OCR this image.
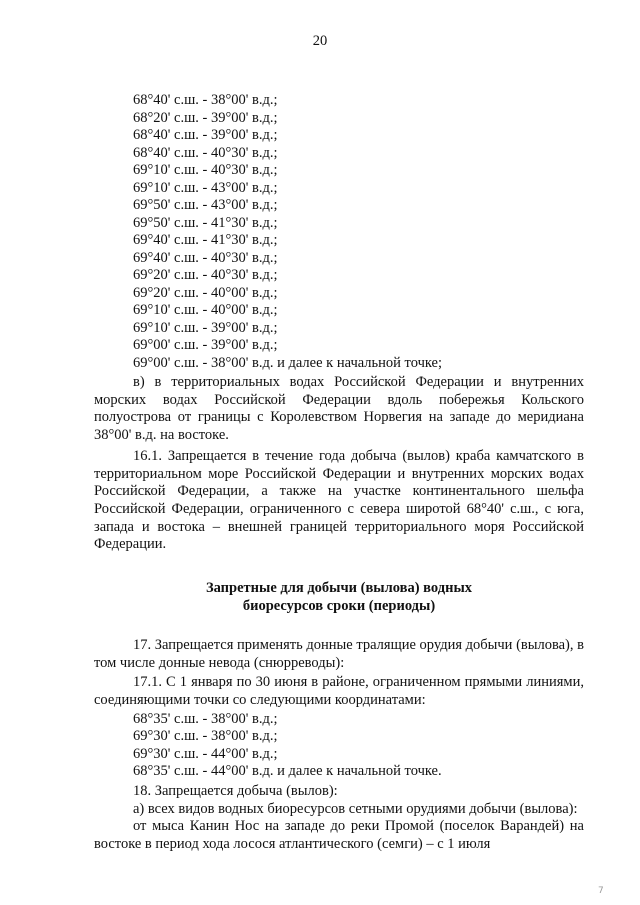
20
68°40' с.ш. - 38°00' в.д.;
68°20' с.ш. - 39°00' в.д.;
68°40' с.ш. - 39°00' в.д.;
68°40' с.ш. - 40°30' в.д.;
69°10' с.ш. - 40°30' в.д.;
69°10' с.ш. - 43°00' в.д.;
69°50' с.ш. - 43°00' в.д.;
69°50' с.ш. - 41°30' в.д.;
69°40' с.ш. - 41°30' в.д.;
69°40' с.ш. - 40°30' в.д.;
69°20' с.ш. - 40°30' в.д.;
69°20' с.ш. - 40°00' в.д.;
69°10' с.ш. - 40°00' в.д.;
69°10' с.ш. - 39°00' в.д.;
69°00' с.ш. - 39°00' в.д.;
69°00' с.ш. - 38°00' в.д. и далее к начальной точке;

в) в территориальных водах Российской Федерации и внутренних морских водах Российской Федерации вдоль побережья Кольского полуострова от границы с Королевством Норвегия на западе до меридиана 38°00' в.д. на востоке.

16.1. Запрещается в течение года добыча (вылов) краба камчатского в территориальном море Российской Федерации и внутренних морских водах Российской Федерации, а также на участке континентального шельфа Российской Федерации, ограниченного с севера широтой 68°40' с.ш., с юга, запада и востока – внешней границей территориального моря Российской Федерации.

Запретные для добычи (вылова) водных
биоресурсов сроки (периоды)

17. Запрещается применять донные тралящие орудия добычи (вылова), в том числе донные невода (снюрреводы):

17.1. С 1 января по 30 июня в районе, ограниченном прямыми линиями, соединяющими точки со следующими координатами:

68°35' с.ш. - 38°00' в.д.;
69°30' с.ш. - 38°00' в.д.;
69°30' с.ш. - 44°00' в.д.;
68°35' с.ш. - 44°00' в.д. и далее к начальной точке.
18. Запрещается добыча (вылов):

а) всех видов водных биоресурсов сетными орудиями добычи (вылова):

от мыса Канин Нос на западе до реки Промой (поселок Варандей) на востоке в период хода лосося атлантического (семги) – с 1 июля

7
